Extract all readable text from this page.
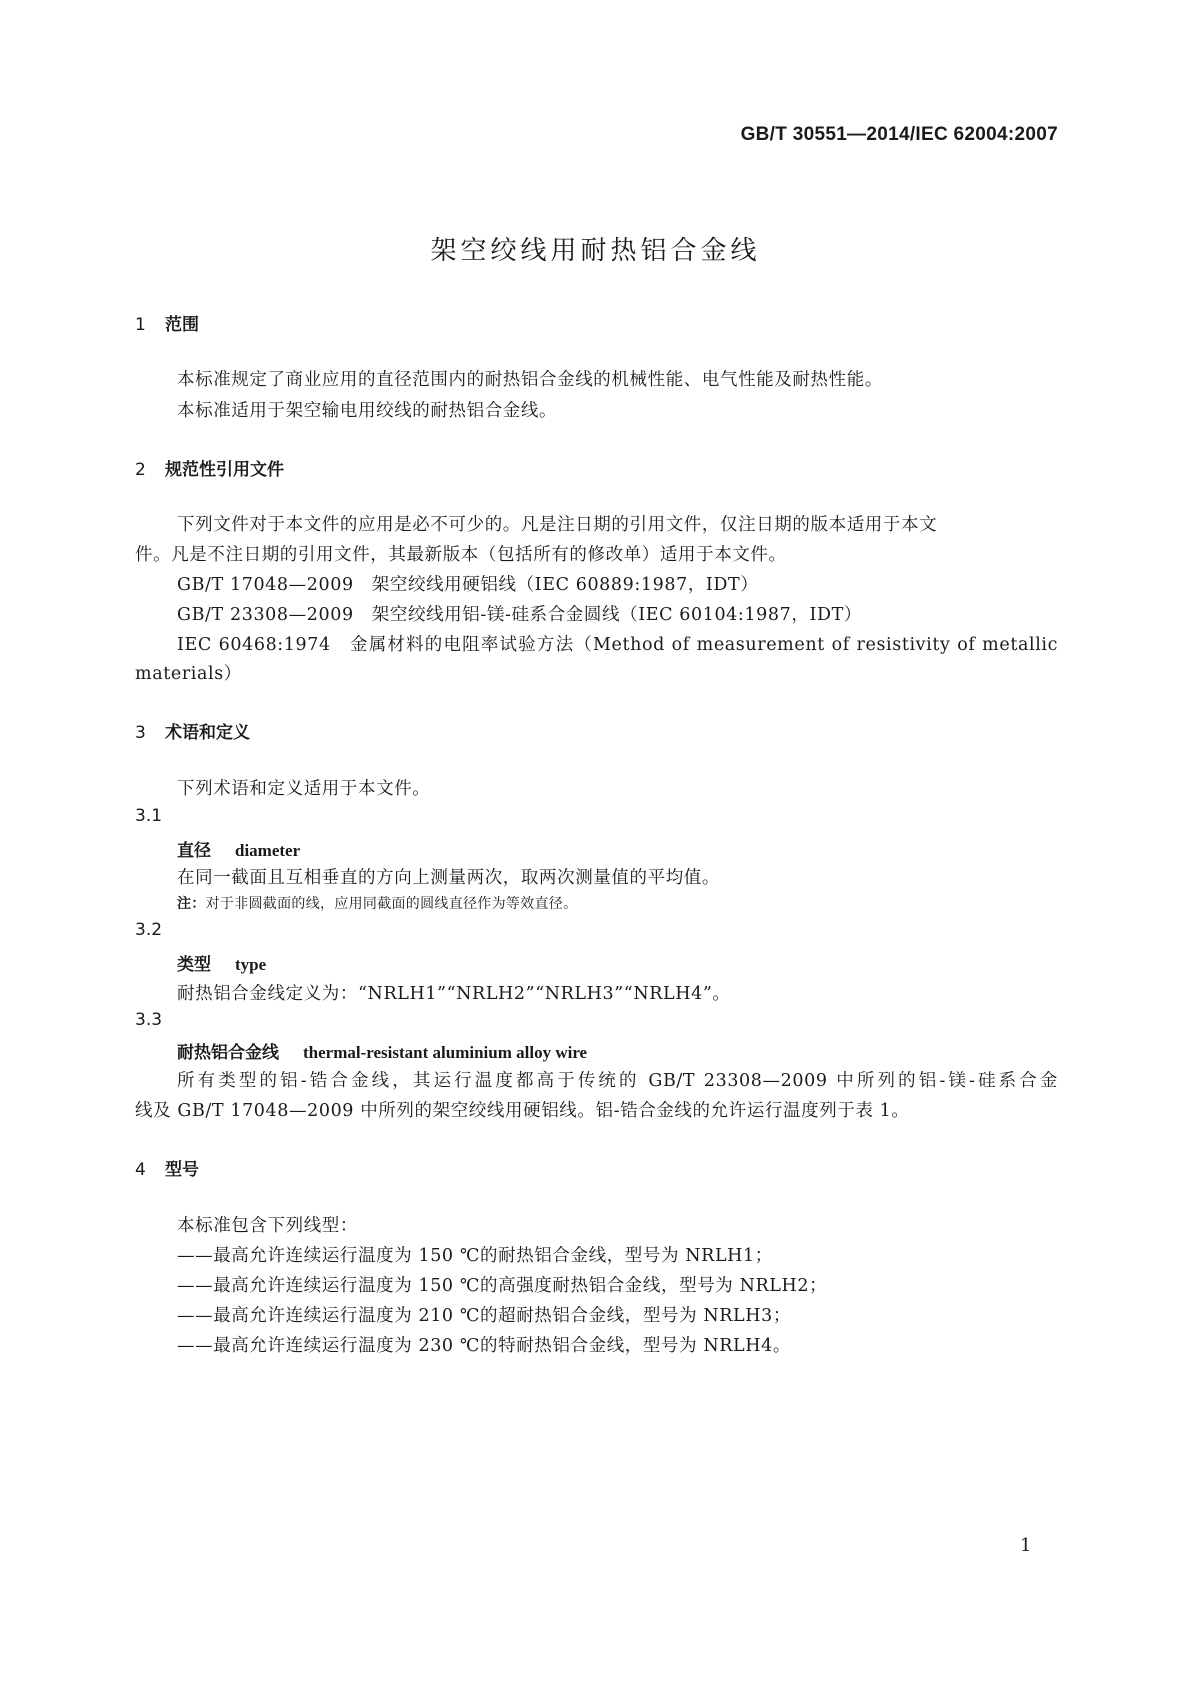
GB/T 30551—2014/IEC 62004:2007
架空绞线用耐热铝合金线
1 范围
本标准规定了商业应用的直径范围内的耐热铝合金线的机械性能、电气性能及耐热性能。
本标准适用于架空输电用绞线的耐热铝合金线。
2 规范性引用文件
下列文件对于本文件的应用是必不可少的。凡是注日期的引用文件，仅注日期的版本适用于本文
件。凡是不注日期的引用文件，其最新版本（包括所有的修改单）适用于本文件。
GB/T 17048—2009　架空绞线用硬铝线（IEC 60889:1987，IDT）
GB/T 23308—2009　架空绞线用铝-镁-硅系合金圆线（IEC 60104:1987，IDT）
IEC 60468:1974　金属材料的电阻率试验方法（Method of measurement of resistivity of metallic
materials）
3 术语和定义
下列术语和定义适用于本文件。
3.1
直径 diameter
在同一截面且互相垂直的方向上测量两次，取两次测量值的平均值。
注：对于非圆截面的线，应用同截面的圆线直径作为等效直径。
3.2
类型 type
耐热铝合金线定义为：“NRLH1”“NRLH2”“NRLH3”“NRLH4”。
3.3
耐热铝合金线 thermal-resistant aluminium alloy wire
所有类型的铝-锆合金线，其运行温度都高于传统的 GB/T 23308—2009 中所列的铝-镁-硅系合金
线及 GB/T 17048—2009 中所列的架空绞线用硬铝线。铝-锆合金线的允许运行温度列于表 1。
4 型号
本标准包含下列线型：
——最高允许连续运行温度为 150 ℃的耐热铝合金线，型号为 NRLH1；
——最高允许连续运行温度为 150 ℃的高强度耐热铝合金线，型号为 NRLH2；
——最高允许连续运行温度为 210 ℃的超耐热铝合金线，型号为 NRLH3；
——最高允许连续运行温度为 230 ℃的特耐热铝合金线，型号为 NRLH4。
1
